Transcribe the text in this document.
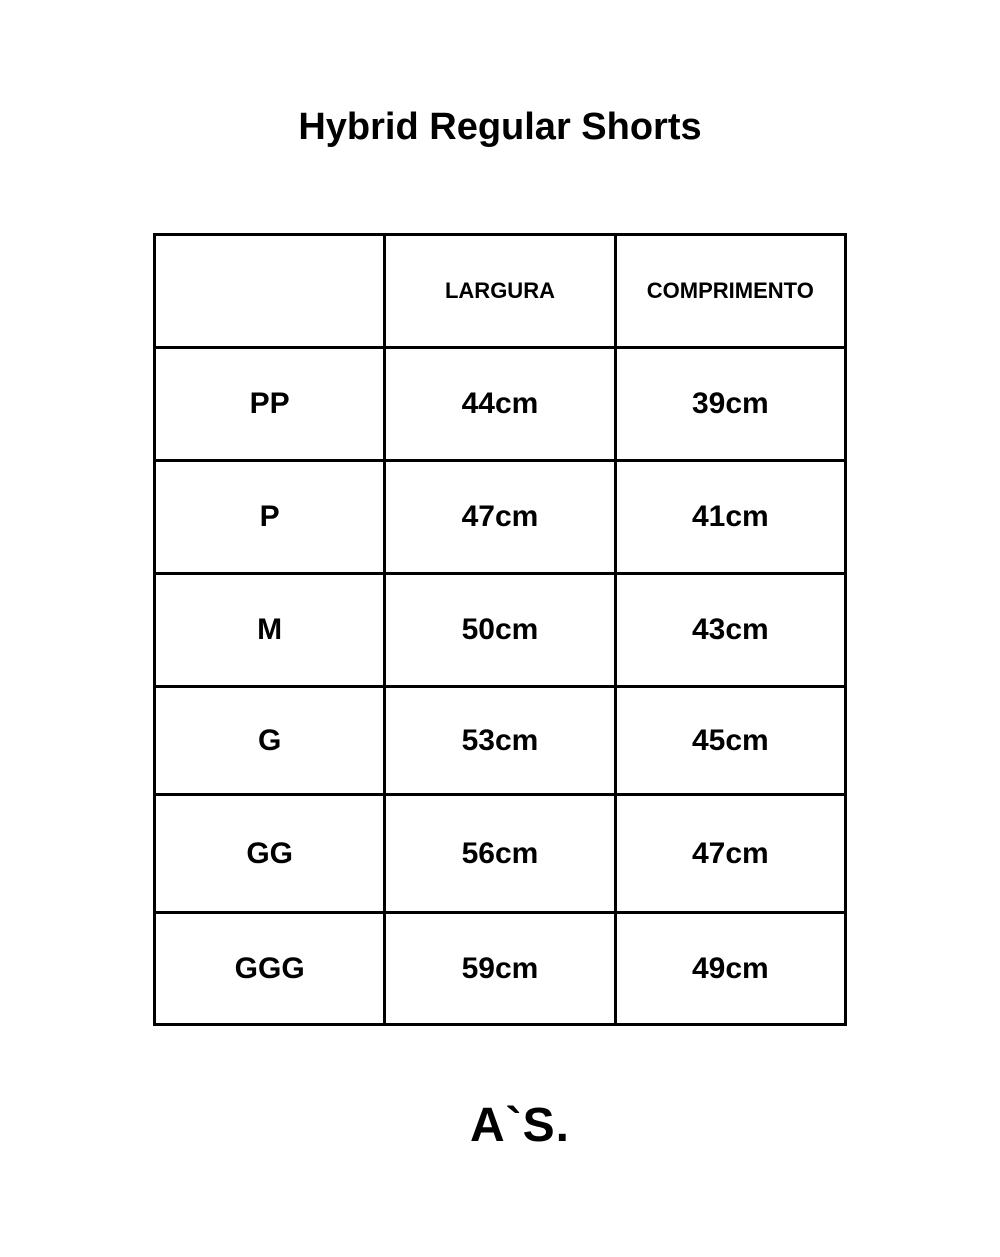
Hybrid Regular Shorts
	LARGURA	COMPRIMENTO
PP	44cm	39cm
P	47cm	41cm
M	50cm	43cm
G	53cm	45cm
GG	56cm	47cm
GGG	59cm	49cm
A`S.
